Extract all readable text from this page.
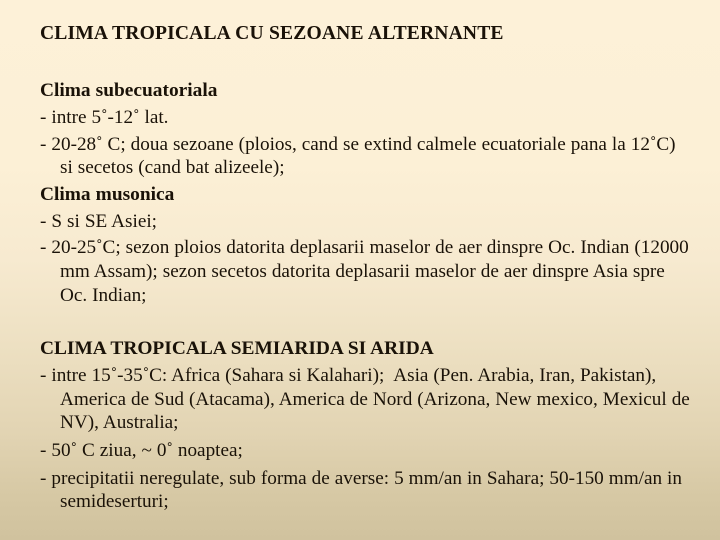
CLIMA TROPICALA CU SEZOANE ALTERNANTE
Clima subecuatoriala
- intre 5˚-12˚ lat.
- 20-28˚ C; doua sezoane (ploios, cand se extind calmele ecuatoriale pana la 12˚C) si secetos (cand bat alizeele);
Clima musonica
- S si SE Asiei;
- 20-25˚C; sezon ploios datorita deplasarii maselor de aer dinspre Oc. Indian (12000 mm Assam); sezon secetos datorita deplasarii maselor de aer dinspre Asia spre Oc. Indian;
CLIMA TROPICALA SEMIARIDA SI ARIDA
- intre 15˚-35˚C: Africa (Sahara si Kalahari);  Asia (Pen. Arabia, Iran, Pakistan), America de Sud (Atacama), America de Nord (Arizona, New mexico, Mexicul de NV), Australia;
- 50˚ C ziua, ~ 0˚ noaptea;
- precipitatii neregulate, sub forma de averse: 5 mm/an in Sahara; 50-150 mm/an in semideserturi;
